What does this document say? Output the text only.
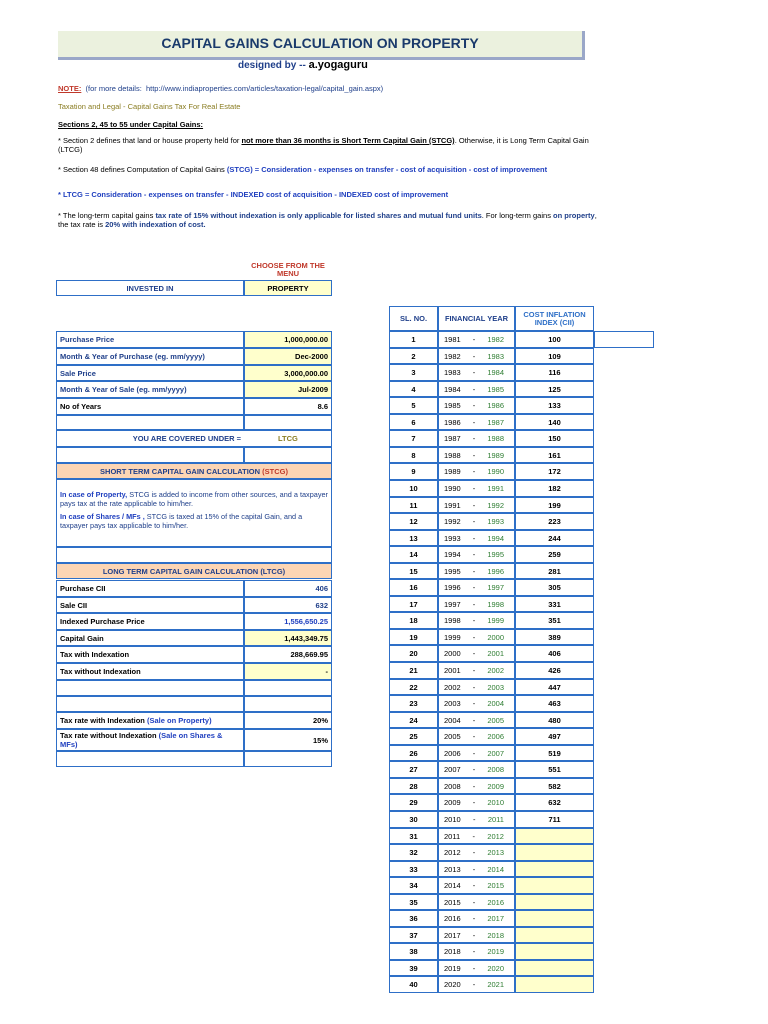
CAPITAL GAINS CALCULATION ON PROPERTY
designed by -- a.yogaguru
NOTE: (for more details: http://www.indiaproperties.com/articles/taxation-legal/capital_gain.aspx)
Taxation and Legal - Capital Gains Tax For Real Estate
Sections 2, 45 to 55 under Capital Gains:
* Section 2 defines that land or house property held for not more than 36 months is Short Term Capital Gain (STCG). Otherwise, it is Long Term Capital Gain (LTCG)
* Section 48 defines Computation of Capital Gains (STCG) = Consideration - expenses on transfer - cost of acquisition - cost of improvement
* LTCG = Consideration - expenses on transfer - INDEXED cost of acquisition - INDEXED cost of improvement
* The long-term capital gains tax rate of 15% without indexation is only applicable for listed shares and mutual fund units. For long-term gains on property, the tax rate is 20% with indexation of cost.
CHOOSE FROM THE MENU
INVESTED IN	PROPERTY
Purchase Price	1,000,000.00
Month & Year of Purchase (eg. mm/yyyy)	Dec-2000
Sale Price	3,000,000.00
Month & Year of Sale (eg. mm/yyyy)	Jul-2009
No of Years	8.6
YOU ARE COVERED UNDER =	LTCG
SHORT TERM CAPITAL GAIN CALCULATION
(STCG)
In case of Property, STCG is added to income from other sources, and a taxpayer pays tax at the rate applicable to him/her.
In case of Shares / MFs , STCG is taxed at 15% of the capital Gain, and a taxpayer pays tax applicable to him/her.
LONG TERM CAPITAL GAIN CALCULATION
(LTCG)
Purchase CII	406
Sale CII	632
Indexed Purchase Price	1,556,650.25
Capital Gain	1,443,349.75
Tax with Indexation	288,669.95
Tax without Indexation	-
Tax rate with Indexation
(Sale on Property)	20%
Tax rate without Indexation (Sale on Shares & MFs)	15%
SL. NO.	FINANCIAL YEAR	COST INFLATION INDEX (CII)
1	1981 - 1982	100
2	1982 - 1983	109
3	1983 - 1984	116
4	1984 - 1985	125
5	1985 - 1986	133
6	1986 - 1987	140
7	1987 - 1988	150
8	1988 - 1989	161
9	1989 - 1990	172
10	1990 - 1991	182
11	1991 - 1992	199
12	1992 - 1993	223
13	1993 - 1994	244
14	1994 - 1995	259
15	1995 - 1996	281
16	1996 - 1997	305
17	1997 - 1998	331
18	1998 - 1999	351
19	1999 - 2000	389
20	2000 - 2001	406
21	2001 - 2002	426
22	2002 - 2003	447
23	2003 - 2004	463
24	2004 - 2005	480
25	2005 - 2006	497
26	2006 - 2007	519
27	2007 - 2008	551
28	2008 - 2009	582
29	2009 - 2010	632
30	2010 - 2011	711
31	2011 - 2012
32	2012 - 2013
33	2013 - 2014
34	2014 - 2015
35	2015 - 2016
36	2016 - 2017
37	2017 - 2018
38	2018 - 2019
39	2019 - 2020
40	2020 - 2021
